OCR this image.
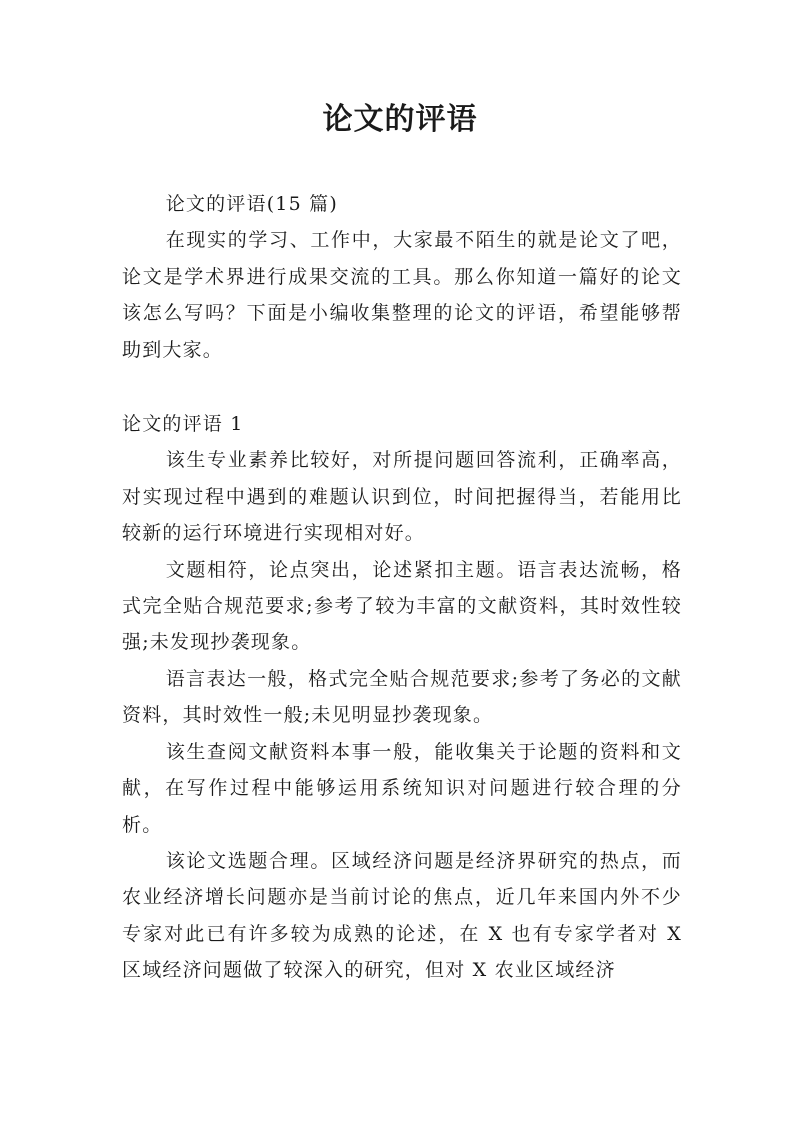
论文的评语

论文的评语(15 篇)

在现实的学习、工作中，大家最不陌生的就是论文了吧，论文是学术界进行成果交流的工具。那么你知道一篇好的论文该怎么写吗？下面是小编收集整理的论文的评语，希望能够帮助到大家。

论文的评语 1

该生专业素养比较好，对所提问题回答流利，正确率高，对实现过程中遇到的难题认识到位，时间把握得当，若能用比较新的运行环境进行实现相对好。

文题相符，论点突出，论述紧扣主题。语言表达流畅，格式完全贴合规范要求;参考了较为丰富的文献资料，其时效性较强;未发现抄袭现象。

语言表达一般，格式完全贴合规范要求;参考了务必的文献资料，其时效性一般;未见明显抄袭现象。

该生查阅文献资料本事一般，能收集关于论题的资料和文献，在写作过程中能够运用系统知识对问题进行较合理的分析。

该论文选题合理。区域经济问题是经济界研究的热点，而农业经济增长问题亦是当前讨论的焦点，近几年来国内外不少专家对此已有许多较为成熟的论述，在 X 也有专家学者对 X 区域经济问题做了较深入的研究，但对 X 农业区域经济
